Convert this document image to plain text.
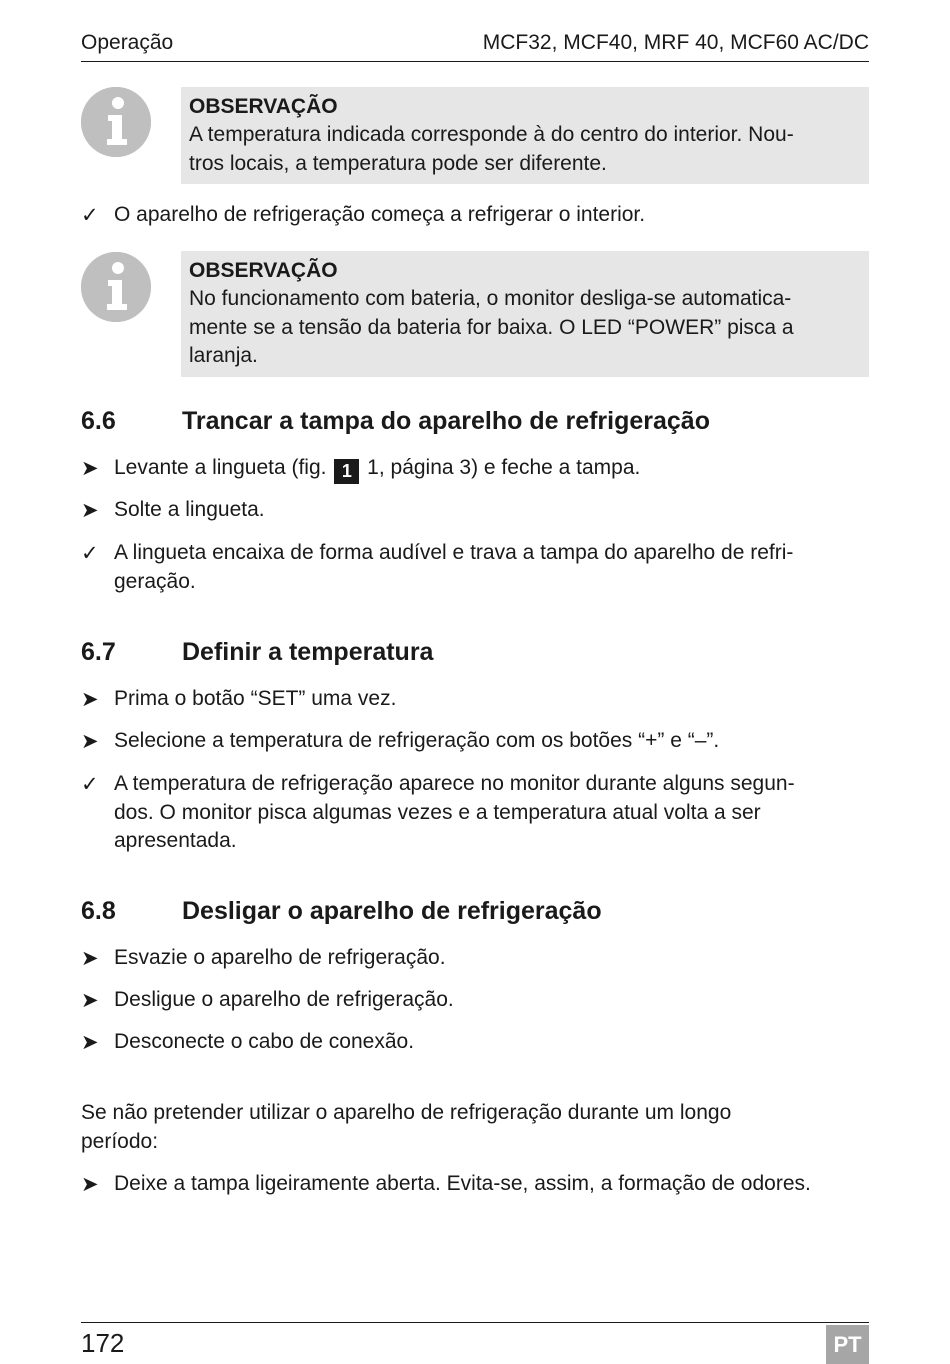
Operação	MCF32, MCF40, MRF 40, MCF60 AC/DC
OBSERVAÇÃO
A temperatura indicada corresponde à do centro do interior. Nou-
tros locais, a temperatura pode ser diferente.
✓ O aparelho de refrigeração começa a refrigerar o interior.
OBSERVAÇÃO
No funcionamento com bateria, o monitor desliga-se automatica-
mente se a tensão da bateria for baixa. O LED “POWER” pisca a
laranja.
6.6	Trancar a tampa do aparelho de refrigeração
➤ Levante a lingueta (fig. 1 1, página 3) e feche a tampa.
➤ Solte a lingueta.
✓ A lingueta encaixa de forma audível e trava a tampa do aparelho de refri-
geração.
6.7	Definir a temperatura
➤ Prima o botão “SET” uma vez.
➤ Selecione a temperatura de refrigeração com os botões “+” e “–”.
✓ A temperatura de refrigeração aparece no monitor durante alguns segun-
dos. O monitor pisca algumas vezes e a temperatura atual volta a ser
apresentada.
6.8	Desligar o aparelho de refrigeração
➤ Esvazie o aparelho de refrigeração.
➤ Desligue o aparelho de refrigeração.
➤ Desconecte o cabo de conexão.
Se não pretender utilizar o aparelho de refrigeração durante um longo
período:
➤ Deixe a tampa ligeiramente aberta. Evita-se, assim, a formação de odores.
172	PT
